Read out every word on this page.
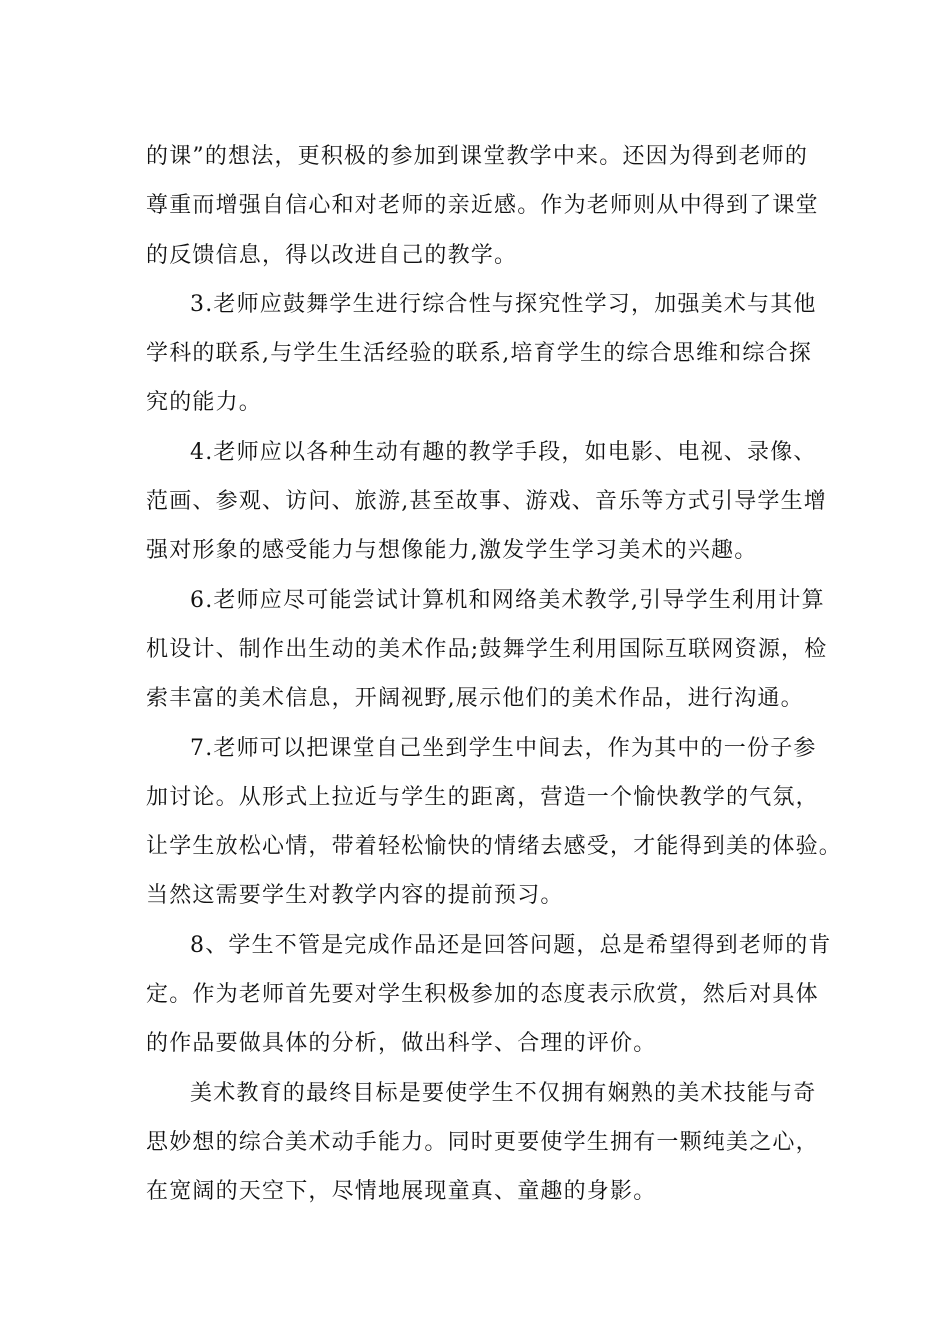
的课”的想法，更积极的参加到课堂教学中来。还因为得到老师的
尊重而增强自信心和对老师的亲近感。作为老师则从中得到了课堂
的反馈信息，得以改进自己的教学。
3.老师应鼓舞学生进行综合性与探究性学习，加强美术与其他
学科的联系,与学生生活经验的联系,培育学生的综合思维和综合探
究的能力。
4.老师应以各种生动有趣的教学手段，如电影、电视、录像、
范画、参观、访问、旅游,甚至故事、游戏、音乐等方式引导学生增
强对形象的感受能力与想像能力,激发学生学习美术的兴趣。
6.老师应尽可能尝试计算机和网络美术教学,引导学生利用计算
机设计、制作出生动的美术作品;鼓舞学生利用国际互联网资源，检
索丰富的美术信息，开阔视野,展示他们的美术作品，进行沟通。
7.老师可以把课堂自己坐到学生中间去，作为其中的一份子参
加讨论。从形式上拉近与学生的距离，营造一个愉快教学的气氛，
让学生放松心情，带着轻松愉快的情绪去感受，才能得到美的体验。
当然这需要学生对教学内容的提前预习。
8、学生不管是完成作品还是回答问题，总是希望得到老师的肯
定。作为老师首先要对学生积极参加的态度表示欣赏，然后对具体
的作品要做具体的分析，做出科学、合理的评价。
美术教育的最终目标是要使学生不仅拥有娴熟的美术技能与奇
思妙想的综合美术动手能力。同时更要使学生拥有一颗纯美之心，
在宽阔的天空下，尽情地展现童真、童趣的身影。
